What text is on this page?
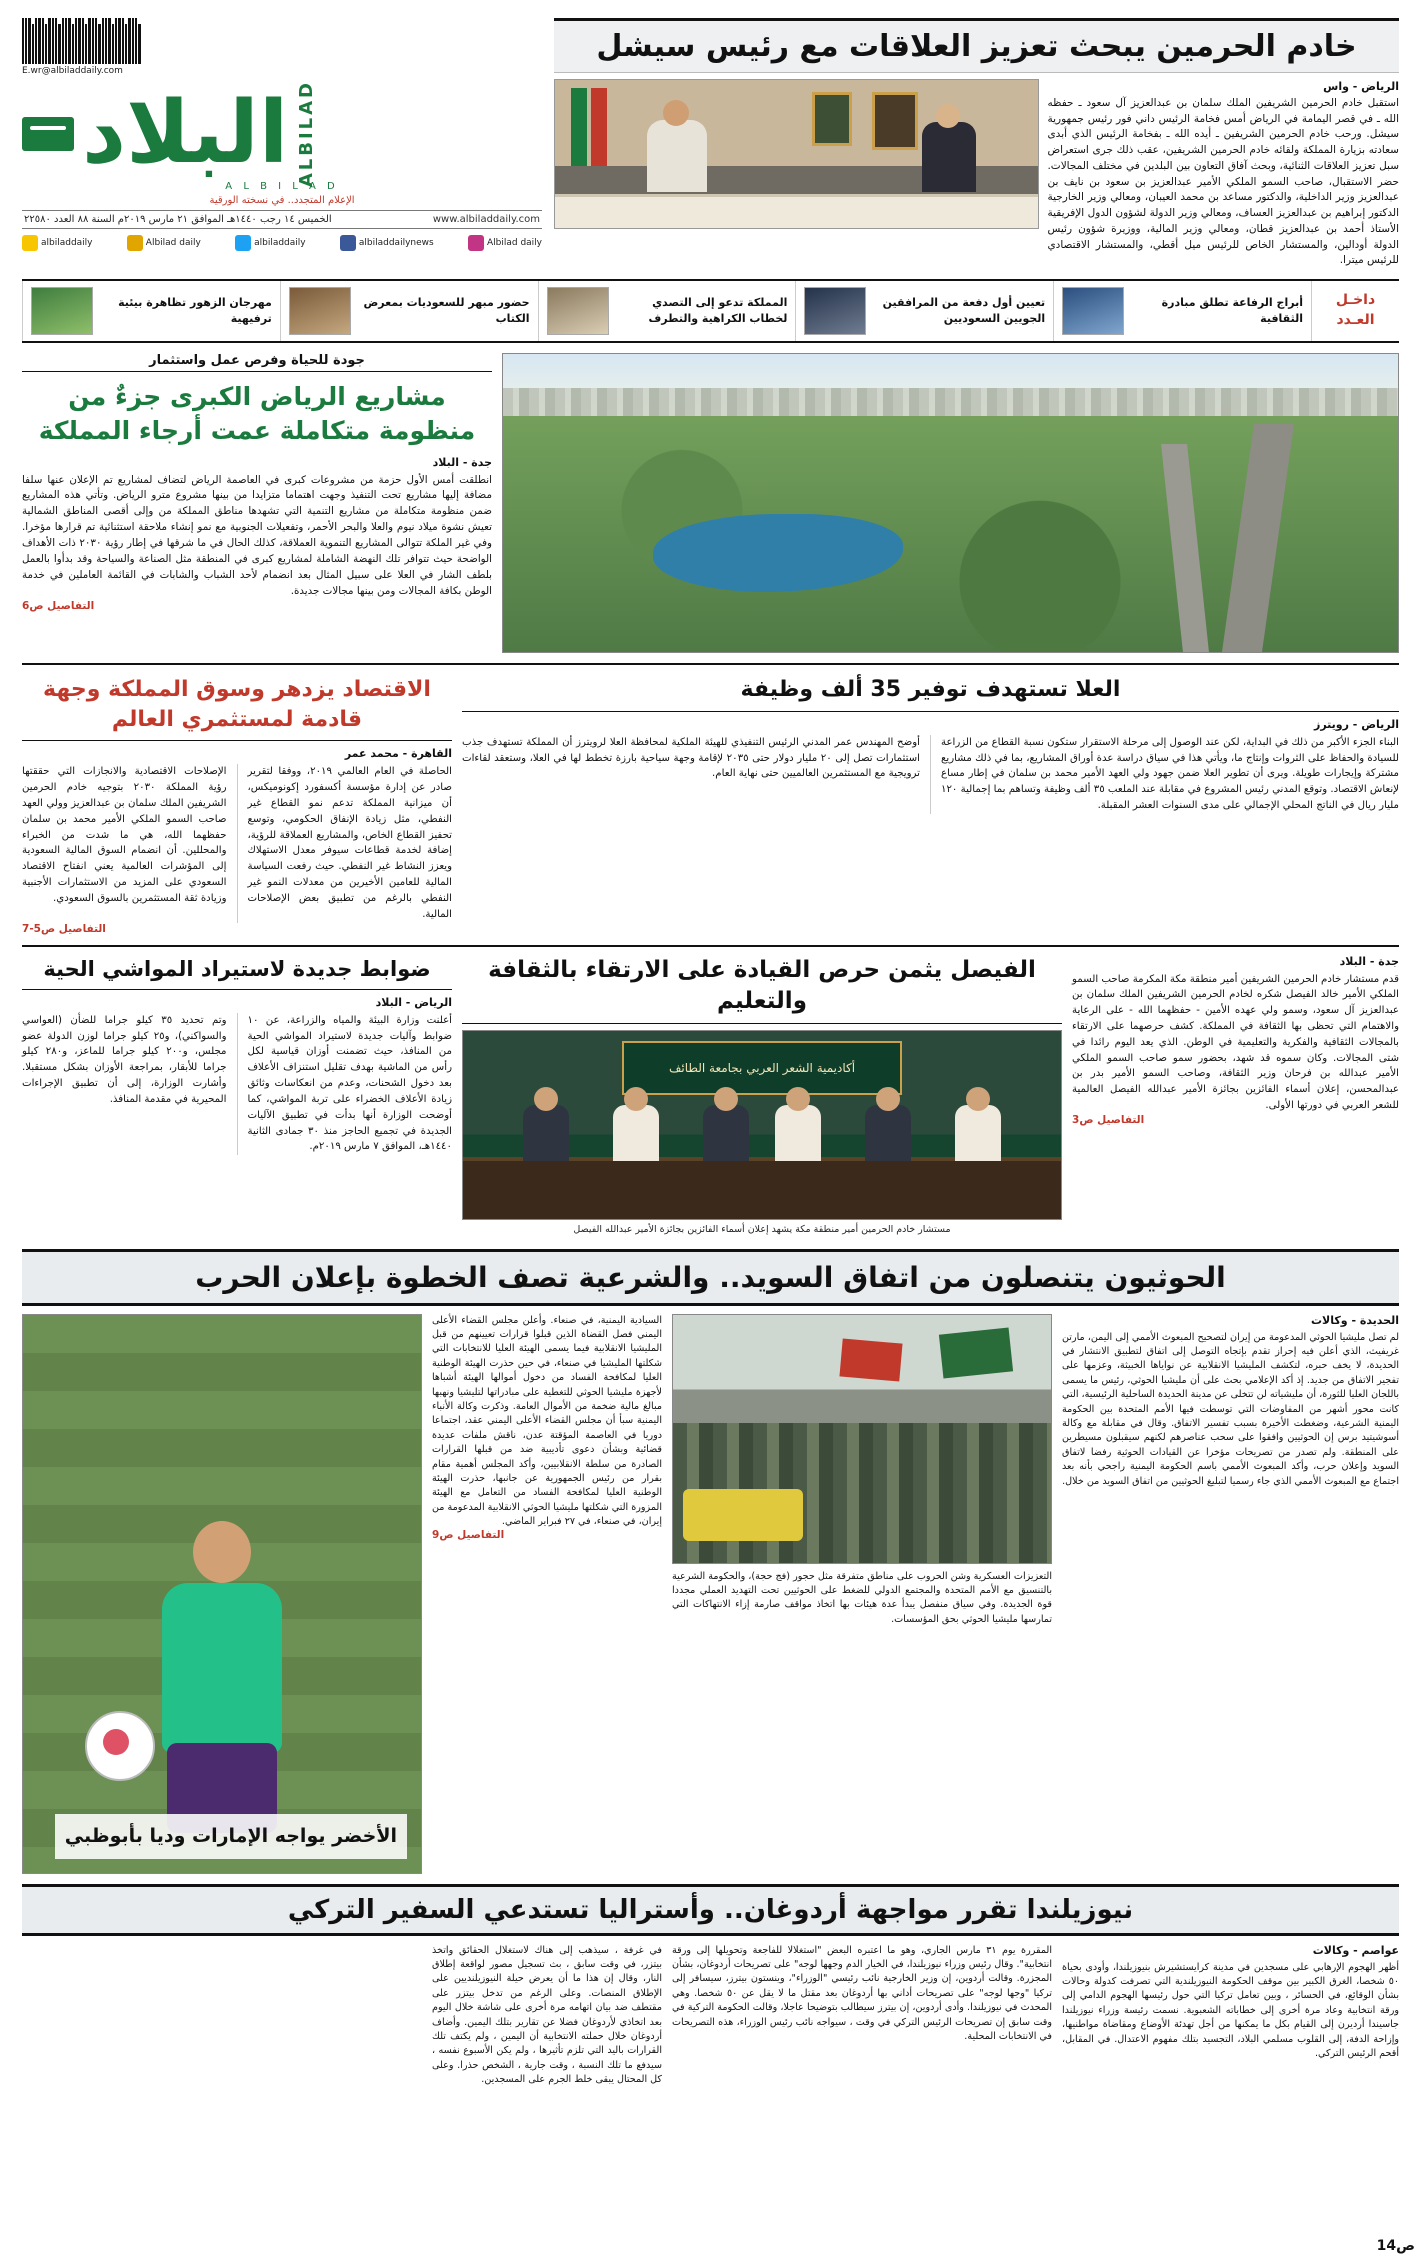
E.wr@albiladdaily.com
البلاد ALBILAD
A L B I L A D
الإعلام المتجدد.. في نسخته الورقية
الخميس ١٤ رجب ١٤٤٠هـ الموافق ٢١ مارس ٢٠١٩م السنة ٨٨ العدد ٢٢٥٨٠	www.albiladdaily.com
albiladdaily	Albilad daily	albiladdaily	albiladdailynews	Albilad daily
خادم الحرمين يبحث تعزيز العلاقات مع رئيس سيشل
الرياض - واس
استقبل خادم الحرمين الشريفين الملك سلمان بن عبدالعزيز آل سعود ـ حفظه الله ـ في قصر اليمامة في الرياض أمس فخامة الرئيس داني فور رئيس جمهورية سيشل. ورحب خادم الحرمين الشريفين ـ أيده الله ـ بفخامة الرئيس الذي أبدى سعادته بزيارة المملكة ولقائه خادم الحرمين الشريفين، عقب ذلك جرى استعراض سبل تعزيز العلاقات الثنائية، وبحث آفاق التعاون بين البلدين في مختلف المجالات. حضر الاستقبال، صاحب السمو الملكي الأمير عبدالعزيز بن سعود بن نايف بن عبدالعزيز وزير الداخلية، والدكتور مساعد بن محمد العيبان، ومعالي وزير الخارجية الدكتور إبراهيم بن عبدالعزيز العساف، ومعالي وزير الدولة لشؤون الدول الإفريقية الأستاذ أحمد بن عبدالعزيز قطان، ومعالي وزير المالية، ووزيرة شؤون رئيس الدولة أودالين، والمستشار الخاص للرئيس ميل أقطي، والمستشار الاقتصادي للرئيس ميترا.
مهرجان الزهور تظاهرة بيئية ترفيهية
حضور مبهر للسعوديات بمعرض الكتاب
المملكة تدعو إلى التصدي لخطاب الكراهية والتطرف
تعيين أول دفعة من المرافقين الجويين السعوديين
أبراج الرفاعة تطلق مبادرة الثقافية
داخـل
العـدد
جودة للحياة وفرص عمل واستثمار
مشاريع الرياض الكبرى جزءٌ من منظومة متكاملة عمت أرجاء المملكة
جدة - البلاد
انطلقت أمس الأول حزمة من مشروعات كبرى في العاصمة الرياض لتضاف لمشاريع تم الإعلان عنها سلفا مضافة إليها مشاريع تحت التنفيذ وجهت اهتماما متزايدا من بينها مشروع مترو الرياض. وتأتي هذه المشاريع ضمن منظومة متكاملة من مشاريع التنمية التي تشهدها مناطق المملكة من وإلى أقصى المناطق الشمالية تعيش نشوة ميلاد نيوم والعلا والبحر الأحمر، وتفعيلات الجنوبية مع نمو إنشاء ملاحقة استثنائية تم قرارها مؤخرا. وفي غير الملكة تتوالى المشاريع التنموية العملاقة، كذلك الحال في ما شرقها في إطار رؤية ٢٠٣٠ ذات الأهداف الواضحة حيث تتوافر تلك النهضة الشاملة لمشاريع كبرى في المنطقة مثل الصناعة والسياحة وقد بدأوا بالعمل بلطف الشار في العلا على سبيل المثال بعد انضمام لأحد الشباب والشابات في القائمة العاملين في خدمة الوطن بكافة المجالات ومن بينها مجالات جديدة.
التفاصيل ص6
الاقتصاد يزدهر وسوق المملكة وجهة قادمة لمستثمري العالم
القاهرة - محمد عمر
الإصلاحات الاقتصادية والانجازات التي حققتها رؤية المملكة ٢٠٣٠ بتوجيه خادم الحرمين الشريفين الملك سلمان بن عبدالعزيز وولي العهد صاحب السمو الملكي الأمير محمد بن سلمان حفظهما الله، هي ما شدت من الخبراء والمحللين. أن انضمام السوق المالية السعودية إلى المؤشرات العالمية يعني انفتاح الاقتصاد السعودي على المزيد من الاستثمارات الأجنبية وزيادة ثقة المستثمرين بالسوق السعودي.
الحاصلة في العام العالمي ٢٠١٩، ووفقا لتقرير صادر عن إدارة مؤسسة أكسفورد إكونوميكس، أن ميزانية المملكة تدعم نمو القطاع غير النفطي، مثل زيادة الإنفاق الحكومي، وتوسع تحفيز القطاع الخاص، والمشاريع العملاقة للرؤية، إضافة لخدمة قطاعات سيوفر معدل الاستهلاك ويعزز النشاط غير النفطي. حيث رفعت السياسة المالية للعامين الأخيرين من معدلات النمو غير النفطي بالرغم من تطبيق بعض الإصلاحات المالية.
التفاصيل ص5-7
العلا تستهدف توفير 35 ألف وظيفة
الرياض - رويترز
أوضح المهندس عمر المدني الرئيس التنفيذي للهيئة الملكية لمحافظة العلا لرويترز أن المملكة تستهدف جذب استثمارات تصل إلى ٢٠ مليار دولار حتى ٢٠٣٥ لإقامة وجهة سياحية بارزة تخطط لها في العلا، وستعقد لقاءات ترويجية مع المستثمرين العالميين حتى نهاية العام.
البناء الجزء الأكبر من ذلك في البداية، لكن عند الوصول إلى مرحلة الاستقرار ستكون نسبة القطاع من الزراعة للسيادة والحفاظ على الثروات وإنتاج ما، ويأتي هذا في سياق دراسة عدة أوراق المشاريع، بما في ذلك مشاريع مشتركة وإيجارات طويلة. ويرى أن تطوير العلا ضمن جهود ولي العهد الأمير محمد بن سلمان في إطار مساع لإنعاش الاقتصاد. وتوقع المدني رئيس المشروع في مقابلة عند الملعب ٣٥ ألف وظيفة وتساهم بما إجمالية ١٢٠ مليار ريال في الناتج المحلي الإجمالي على مدى السنوات العشر المقبلة.
ضوابط جديدة لاستيراد المواشي الحية
الرياض - البلاد
وتم تحديد ٣٥ كيلو جراما للضأن (العواسي والسواكني)، و٢٥ كيلو جراما لوزن الدولة عضو مجلس، و٢٠٠ كيلو جراما للماعز، و٢٨٠ كيلو جراما للأبقار، بمراجعة الأوزان بشكل مستقبلا. وأشارت الوزارة، إلى أن تطبيق الإجراءات المحيرية في مقدمة المنافذ.
أعلنت وزارة البيئة والمياه والزراعة، عن ١٠ ضوابط وآليات جديدة لاستيراد المواشي الحية من المنافذ، حيث تضمنت أوزان قياسية لكل رأس من الماشية بهدف تقليل استنزاف الأعلاف بعد دخول الشحنات، وعدم من انعكاسات وثائق زيادة الأعلاف الخضراء على تربة المواشي، كما أوضحت الوزارة أنها بدأت في تطبيق الآليات الجديدة في تجميع الحاجز منذ ٣٠ جمادى الثانية ١٤٤٠هـ، الموافق ٧ مارس ٢٠١٩م.
الفيصل يثمن حرص القيادة على الارتقاء بالثقافة والتعليم
أكاديمية الشعر العربي بجامعة الطائف
مستشار خادم الحرمين أمير منطقة مكة يشهد إعلان أسماء الفائزين بجائزة الأمير عبدالله الفيصل
جدة - البلاد
قدم مستشار خادم الحرمين الشريفين أمير منطقة مكة المكرمة صاحب السمو الملكي الأمير خالد الفيصل شكره لخادم الحرمين الشريفين الملك سلمان بن عبدالعزيز آل سعود، وسمو ولي عهده الأمين - حفظهما الله - على الرعاية والاهتمام التي تحظى بها الثقافة في المملكة. كشف حرصهما على الارتقاء بالمجالات الثقافية والفكرية والتعليمية في الوطن. الذي يعد اليوم رائدا في شتى المجالات. وكان سموه قد شهد، بحضور سمو صاحب السمو الملكي الأمير عبدالله بن فرحان وزير الثقافة، وصاحب السمو الأمير بدر بن عبدالمحسن، إعلان أسماء الفائزين بجائزة الأمير عبدالله الفيصل العالمية للشعر العربي في دورتها الأولى.
التفاصيل ص3
الحوثيون يتنصلون من اتفاق السويد.. والشرعية تصف الخطوة بإعلان الحرب
الأخضر يواجه الإمارات وديا بأبوظبي
السيادية اليمنية، في صنعاء. وأعلن مجلس القضاء الأعلى اليمني فصل القضاة الذين قبلوا قرارات تعيينهم من قبل المليشيا الانقلابية فيما يسمى الهيئة العليا للانتخابات التي شكلتها المليشيا في صنعاء، في حين حذرت الهيئة الوطنية العليا لمكافحة الفساد من دخول أموالها الهيئة أشباها لأجهزة مليشيا الحوثي للتغطية على مبادراتها لتليشيا ونهبها مبالغ مالية ضخمة من الأموال العامة. وذكرت وكالة الأنباء اليمنية سبأ أن مجلس القضاء الأعلى اليمني عقد، اجتماعا دوريا في العاصمة المؤقتة عدن، ناقش ملفات عديدة قضائية وبشأن دعوى تأديبية ضد من قبلها القرارات الصادرة من سلطة الانقلابيين، وأكد المجلس أهمية مقام بقرار من رئيس الجمهورية عن جانبها، حذرت الهيئة الوطنية العليا لمكافحة الفساد من التعامل مع الهيئة المزورة التي شكلتها مليشيا الحوثي الانقلابية المدعومة من إيران، في صنعاء، في ٢٧ فبراير الماضي.
التفاصيل ص9
التعزيزات العسكرية وشن الحروب على مناطق متفرقة مثل حجور (فج حجة)، والحكومة الشرعية بالتنسيق مع الأمم المتحدة والمجتمع الدولي للضغط على الحوثيين تحت التهديد العملي مجددا قوة الجديدة. وفي سياق منفصل يبدأ عدة هيئات بها اتخاذ مواقف صارمة إزاء الانتهاكات التي تمارسها مليشيا الحوثي بحق المؤسسات.
الحديدة - وكالات
لم تصل مليشيا الحوثي المدعومة من إيران لتصحيح المبعوث الأممي إلى اليمن، مارتن غريفيث، الذي أعلن فيه إحراز تقدم بإتجاه التوصل إلى اتفاق لتطبيق الانتشار في الحديدة، لا يخف حبره، لتكشف المليشيا الانقلابية عن نواياها الخبيثة، وعزمها على تفجير الاتفاق من جديد. إذ أكد الإعلامي بحث على أن مليشيا الحوثي، رئيس ما يسمى باللجان العليا للثورة، أن مليشياته لن تتخلى عن مدينة الحديدة الساحلية الرئيسية، التي كانت محور أشهر من المفاوضات التي توسطت فيها الأمم المتحدة بين الحكومة اليمنية الشرعية، وضغطت الأخيرة بسبب تفسير الاتفاق. وقال في مقابلة مع وكالة أسوشيتيد برس إن الحوثيين وافقوا على سحب عناصرهم لكنهم سيقبلون مسيطرين على المنطقة. ولم تصدر من تصريحات مؤخرا عن القيادات الحوثية رفضا لاتفاق السويد وإعلان حرب، وأكد المبعوث الأممي باسم الحكومة اليمنية راجحي بأنه بعد اجتماع مع المبعوث الأممي الذي جاء رسميا لتبليغ الحوثيين من اتفاق السويد من خلال.
نيوزيلندا تقرر مواجهة أردوغان.. وأستراليا تستدعي السفير التركي
في غرفة ، سيذهب إلى هناك لاستغلال الحقائق واتخذ بيتزر، في وقت سابق ، بث تسجيل مصور لواقعة إطلاق النار، وقال إن هذا ما أن يعرض حيلة النيوزيلنديين على الإطلاق المنصات. وعلى الرغم من تدخل بيتزر على مقتطف ضد بيان اتهامه مرة أخرى على شاشة خلال اليوم بعد اتخاذي لأردوغان فضلا عن تقارير بتلك اليمين. وأضاف أردوغان خلال حملته الانتخابية أن اليمين ، ولم يكتف تلك القرارات باليد التي تلزم تأثيرها ، ولم يكن الأسبوع نفسه ، سيدفع ما تلك النسبة ، وقت جارية ، الشخص حذرا. وعلى كل المحتال يبقى خلط الجرم على المسجدين.
المقررة يوم ٣١ مارس الجاري، وهو ما اعتبره البعض "استغلالا للفاجعة وتحويلها إلى ورقة انتخابية". وقال رئيس وزراء نيوزيلندا، في الخيار الدم وجهها لوجه" على تصريحات أردوغان، بشأن المجزرة. وقالت أردوين، إن وزير الخارجية نائب رئيسي "الوزراء"، وينستون بيترز، سيسافر إلى تركيا "وجها لوجه" على تصريحات أداني بها أردوغان بعد مقتل ما لا يقل عن ٥٠ شخصا. وهي المحدث في نيوزيلندا. وأدى أردوين، إن بيترز سيطالب بتوضيحا عاجلا، وقالت الحكومة التركية في وقت سابق إن تصريحات الرئيس التركي في وقت ، سيواجه نائب رئيس الوزراء، هذه التصريحات في الانتخابات المحلية.
عواصم - وكالات
أظهر الهجوم الإرهابي على مسجدين في مدينة كرايستشيرش بنيوزيلندا، وأودى بحياة ٥٠ شخصا، الغرق الكبير بين موقف الحكومة النيوزيلندية التي تصرفت كدولة وحالات بشأن الوقائع، في الحسائر ، وبين تعامل تركيا التي حول رئيسها الهجوم الدامي إلى ورقة انتخابية وعاد مرة أخرى إلى خطاباته الشعبوية. نسمت رئيسة وزراء نيوزيلندا جاسيندا أرديرن إلى القيام بكل ما يمكنها من أجل تهدئة الأوضاع ومقاضاة مواطنيها، وإزاحة الدفة، إلى القلوب مسلمي البلاد، التجسيد بتلك مفهوم الاعتدال. في المقابل، أقحم الرئيس التركي.
ص14
